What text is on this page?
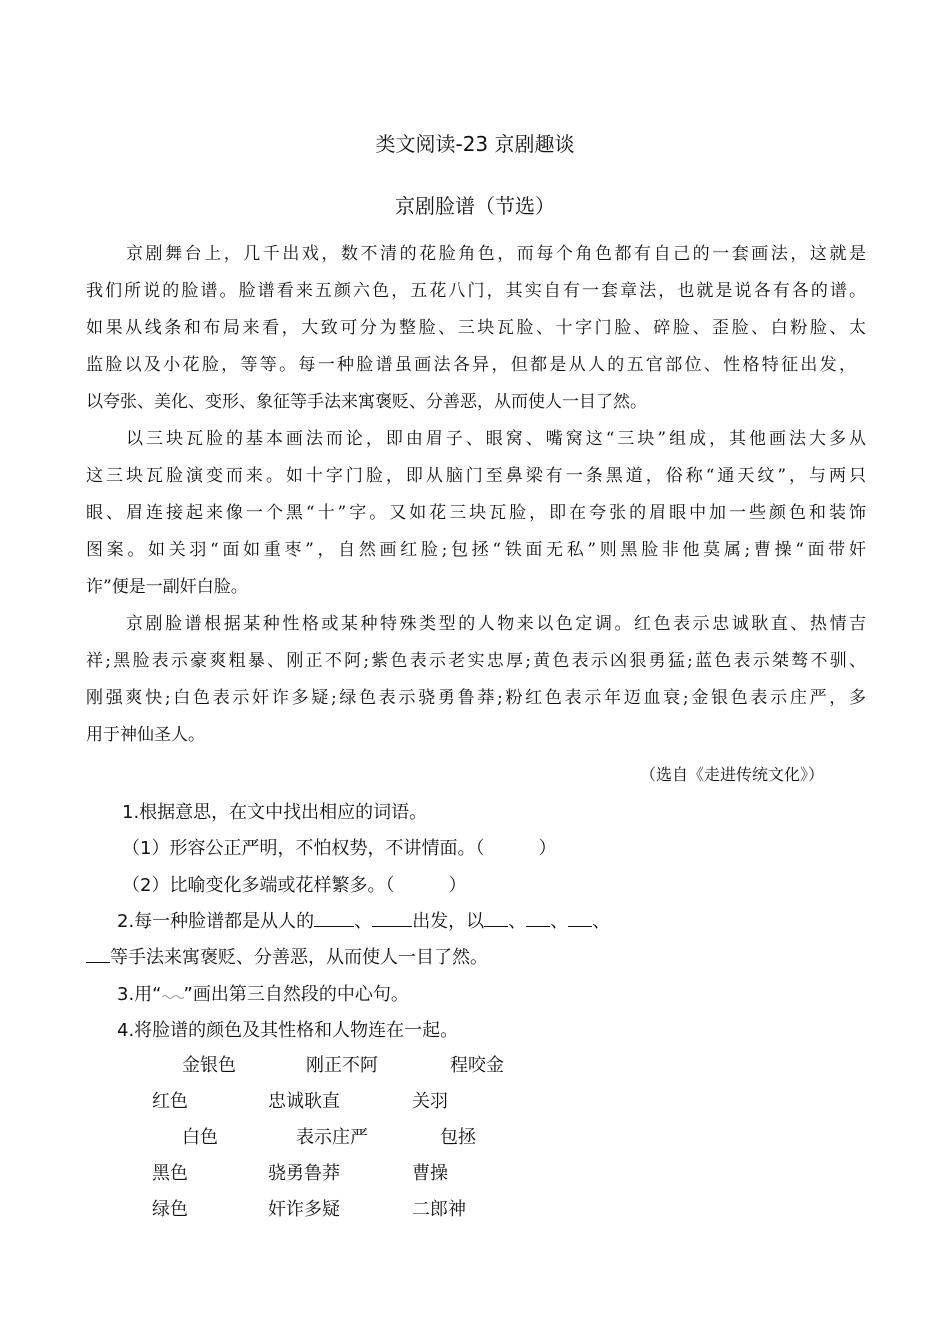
类文阅读-23 京剧趣谈
京剧脸谱（节选）
京剧舞台上，几千出戏，数不清的花脸角色，而每个角色都有自己的一套画法，这就是
我们所说的脸谱。脸谱看来五颜六色，五花八门，其实自有一套章法，也就是说各有各的谱。
如果从线条和布局来看，大致可分为整脸、三块瓦脸、十字门脸、碎脸、歪脸、白粉脸、太
监脸以及小花脸，等等。每一种脸谱虽画法各异，但都是从人的五官部位、性格特征出发，
以夸张、美化、变形、象征等手法来寓褒贬、分善恶，从而使人一目了然。
以三块瓦脸的基本画法而论，即由眉子、眼窝、嘴窝这“三块”组成，其他画法大多从
这三块瓦脸演变而来。如十字门脸，即从脑门至鼻梁有一条黑道，俗称“通天纹”，与两只
眼、眉连接起来像一个黑“十”字。又如花三块瓦脸，即在夸张的眉眼中加一些颜色和装饰
图案。如关羽“面如重枣”，自然画红脸;包拯“铁面无私”则黑脸非他莫属;曹操“面带奸
诈”便是一副奸白脸。
京剧脸谱根据某种性格或某种特殊类型的人物来以色定调。红色表示忠诚耿直、热情吉
祥;黑脸表示豪爽粗暴、刚正不阿;紫色表示老实忠厚;黄色表示凶狠勇猛;蓝色表示桀骜不驯、
刚强爽快;白色表示奸诈多疑;绿色表示骁勇鲁莽;粉红色表示年迈血衰;金银色表示庄严，多
用于神仙圣人。
（选自《走进传统文化》）
1.根据意思，在文中找出相应的词语。
（1）形容公正严明，不怕权势，不讲情面。（	）
（2）比喻变化多端或花样繁多。（	）
2.每一种脸谱都是从人的 、 出发，以 、 、 、
等手法来寓褒贬、分善恶，从而使人一目了然。
3.用“ ”画出第三自然段的中心句。
4.将脸谱的颜色及其性格和人物连在一起。
金银色	刚正不阿	程咬金
红色	忠诚耿直	关羽
白色	表示庄严	包拯
黑色	骁勇鲁莽	曹操
绿色	奸诈多疑	二郎神
